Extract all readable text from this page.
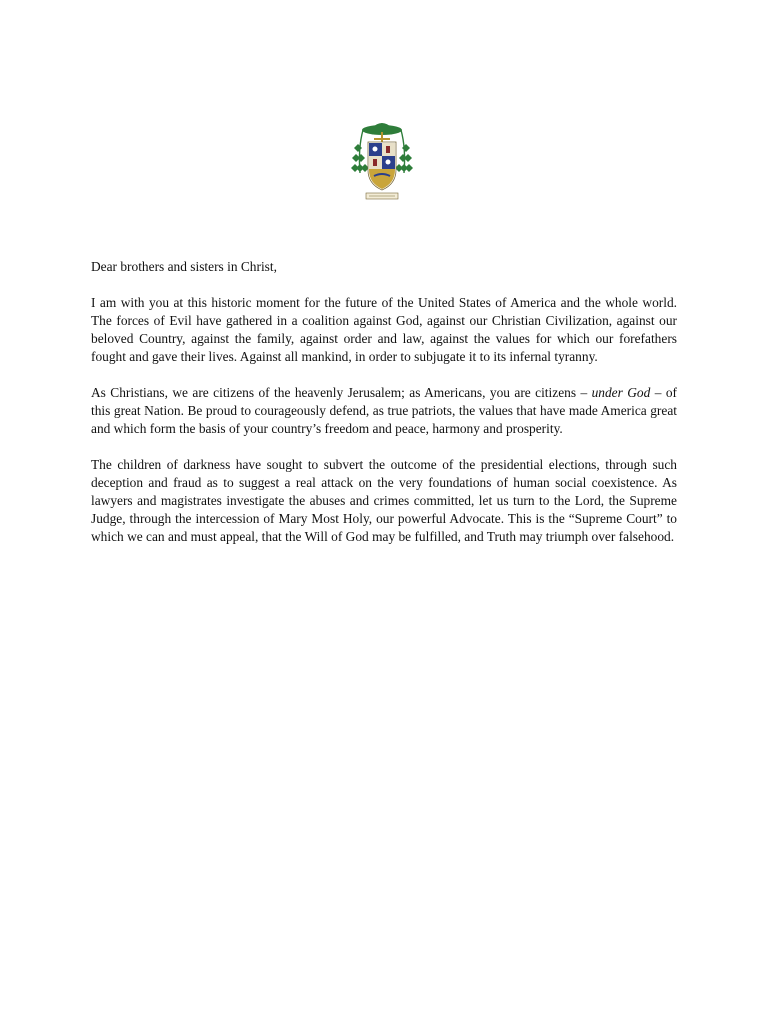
Dear brothers and sisters in Christ,

I am with you at this historic moment for the future of the United States of America and the whole world. The forces of Evil have gathered in a coalition against God, against our Christian Civilization, against our beloved Country, against the family, against order and law, against the values for which our forefathers fought and gave their lives. Against all mankind, in order to subjugate it to its infernal tyranny.

As Christians, we are citizens of the heavenly Jerusalem; as Americans, you are citizens – under God – of this great Nation. Be proud to courageously defend, as true patriots, the values that have made America great and which form the basis of your country’s freedom and peace, harmony and prosperity.

The children of darkness have sought to subvert the outcome of the presidential elections, through such deception and fraud as to suggest a real attack on the very foundations of human social coexistence. As lawyers and magistrates investigate the abuses and crimes committed, let us turn to the Lord, the Supreme Judge, through the intercession of Mary Most Holy, our powerful Advocate. This is the “Supreme Court” to which we can and must appeal, that the Will of God may be fulfilled, and Truth may triumph over falsehood.
